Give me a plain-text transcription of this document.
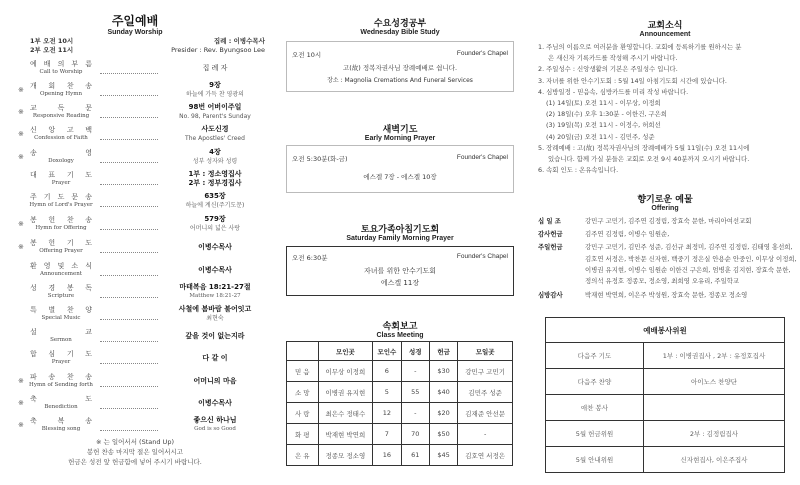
주일예배
Sunday Worship
1부 오전 10시
2부 오전 11시
집례 : 이병수목사
Presider : Rev. Byungsoo Lee
예 배 의 부 름
Call to Worship	집 례 자
※ 개 회 찬 송
Opening Hymn
9장
하늘에 가득 찬 영광의
※ 교	독	문
Responsive Reading
98번 어버이주일
No. 98, Parent's Sunday
※ 신 앙 고 백
Confession of Faith
사도신경
The Apostles' Creed
※ 송	영
Doxology
4장
성부 성자와 성령
대 표 기 도
Prayer
1부 : 정소영집사
2부 : 정부경집사
주 기 도 문 송
Hymn of Lord's Prayer
635장
하늘에 계신(주기도문)
※ 봉 헌 찬 송
Hymn for Offering
579장
어머니의 넓은 사랑
※ 봉 헌 기 도
Offering Prayer	이병수목사
환 영 및 소 식
Announcement	이병수목사
성 경 봉 독
Scripture
마태복음 18:21-27절
Matthew 18:21-27
특 별 찬 양
Special Music
사철에 봄바람 불어잇고
최현숙
설	교
Sermon	갚을 것이 없는지라
합 심 기 도
Prayer	다 같 이
※ 파 송 찬 송
Hymn of Sending forth	어머니의 마음
※ 축	도
Benediction	이병수목사
※ 축	복	송
Blessing song
좋으신 하나님
God is so Good
※ 는 일어서서 (Stand Up)
봉헌 찬송 마지막 절은 일어서시고
헌금은 성전 앞 헌금함에 넣어 주시기 바랍니다.
수요성경공부
Wednesday Bible Study
오전 10시	Founder's Chapel
고(故) 정복자권사님 장례예배로 쉽니다.
장소 : Magnolia Cremations And Funeral Services
새벽기도
Early Morning Prayer
오전 5:30분(화-금)	Founder's Chapel
에스겔 7장 - 에스겔 10장
토요가족아침기도회
Saturday Family Morning Prayer
오전 6:30분	Founder's Chapel
자녀를 위한 안수기도회
에스겔 11장
속회보고
Class Meeting
	모인곳	모인수	성경	헌금	모일곳
믿 음	이무상 이정희	6	-	$30	강민구 고민기
소 망	이병권 유지현	5	55	$40	김민주 성준
사 랑	최은수 정태수	12	-	$20	김재준 안선문
화 평	박재현 박연희	7	70	$50	-
은 유	정종모 정소영	16	61	$45	김호연 서정은
교회소식
Announcement
1. 주님의 이름으로 여러분을 환영합니다. 교회에 등록하기를 원하시는 분
은 새신자 기록카드를 작성해 주시기 바랍니다.
2. 주일성수 : 신앙생활의 기본은 주일성수 입니다.
3. 자녀를 위한 안수기도회 : 5월 14일 아침기도회 시간에 있습니다.
4. 심방일정 - 믿음속, 심방카드를 미리 작성 바랍니다.
(1) 14일(토) 오전 11시 - 이무상, 이정희
(2) 18일(수) 오후 1:30분 - 이한건, 구은희
(3) 19일(목) 오전 11시 - 이정수, 허희선
(4) 20일(금) 오전 11시 - 김민주, 성준
5. 장례예배 : 고(故) 정복자권사님의 장례예배가 5월 11일(수) 오전 11시에
있습니다. 함께 가실 분들은 교회로 오전 9시 40분까지 오시기 바랍니다.
6. 속회 인도 : 온유속입니다.
향기로운 예물
Offering
십 일 조	강민구 고민기, 김주연 김정림, 장효숙 문한, 마리아여선교회
감사헌금	김주연 김정림, 이병수 임원순,
주일헌금	강민구 고민기, 김민주 성준, 김선규 최정미, 김주연 김정림, 김태영 홍선희, 김호연 서정은, 박찬문 신자현, 백중기 정은실 안용순 안중인, 이무상 이정희, 이병권 유지현, 이병수 임원순 이한건 구은희, 엄병훈 김지현, 장효숙 문한, 정의석 유정호 정종모, 정소영, 최희영 오유리, 주일학교
심방감사	박재현 박연희, 이은주 박성원, 장효숙 문한, 정종모 정소영
예배봉사위원	
다음주 기도	1부 : 이병권집사 , 2부 : 유정호집사
다음주 찬양	아이노스 찬양단
애찬 봉사	
5월 헌금위원	2부 : 김정림집사
5월 안내위원	신자현집사, 이은주집사
